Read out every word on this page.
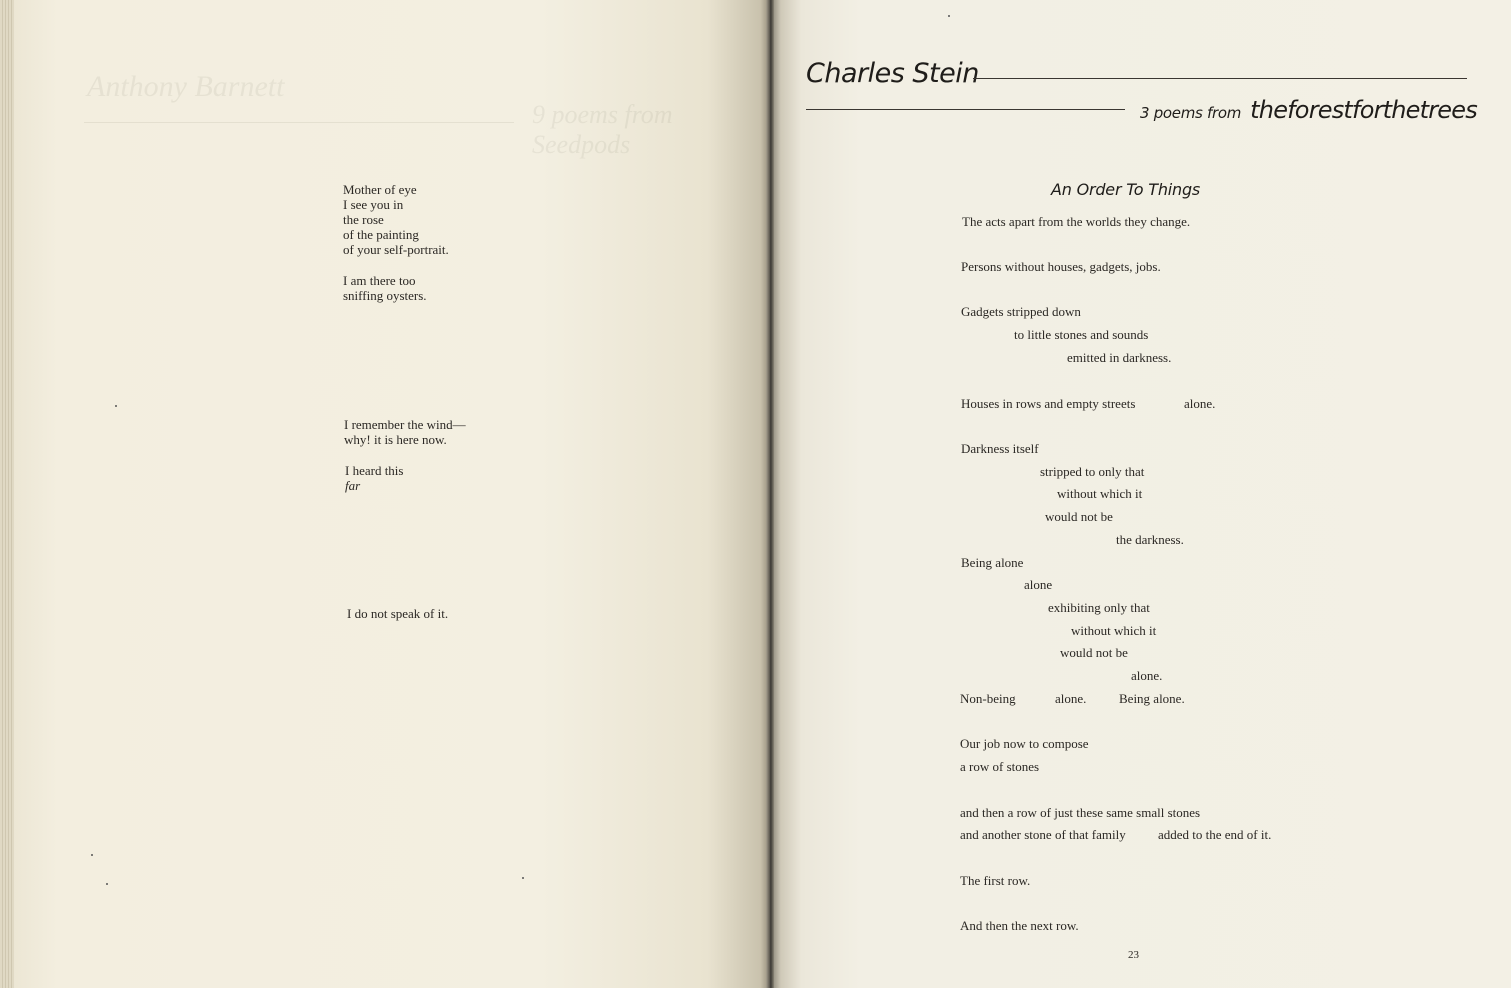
Anthony Barnett
9 poems from Seedpods
Mother of eye
I see you in
the rose
of the painting
of your self-portrait.
I am there too
sniffing oysters.
I remember the wind—
why! it is here now.
I heard this
far
I do not speak of it.
Charles Stein
3 poems from theforestforthetrees
An Order To Things
The acts apart from the worlds they change.
Persons without houses, gadgets, jobs.
Gadgets stripped down
to little stones and sounds
emitted in darkness.
Houses in rows and empty streets	alone.
Darkness itself
stripped to only that
without which it
would not be
the darkness.
Being alone
alone
exhibiting only that
without which it
would not be
alone.
Non-being	alone.	Being alone.
Our job now to compose
a row of stones
and then a row of just these same small stones
and another stone of that family added to the end of it.
The first row.
And then the next row.
23
